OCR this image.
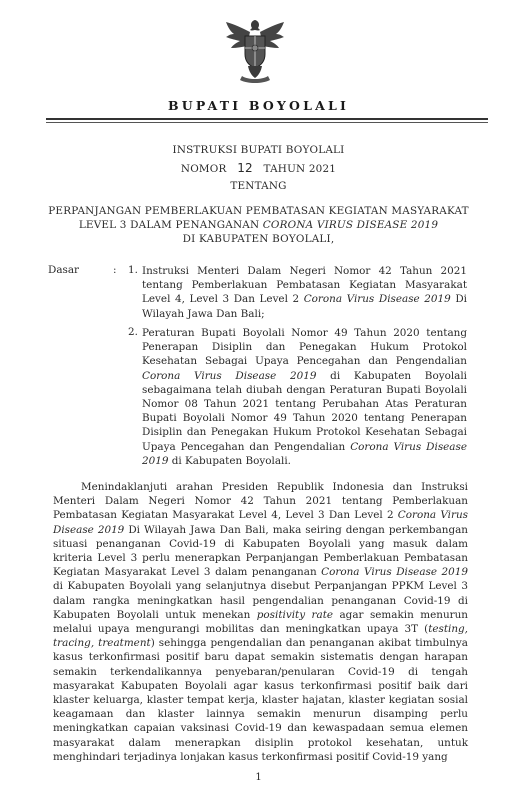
BUPATI BOYOLALI
INSTRUKSI BUPATI BOYOLALI
NOMOR 12 TAHUN 2021
TENTANG
PERPANJANGAN PEMBERLAKUAN PEMBATASAN KEGIATAN MASYARAKAT
LEVEL 3 DALAM PENANGANAN CORONA VIRUS DISEASE 2019
DI KABUPATEN BOYOLALI,
Dasar	: 1. Instruksi Menteri Dalam Negeri Nomor 42 Tahun 2021 tentang Pemberlakuan Pembatasan Kegiatan Masyarakat Level 4, Level 3 Dan Level 2 Corona Virus Disease 2019 Di Wilayah Jawa Dan Bali;
2. Peraturan Bupati Boyolali Nomor 49 Tahun 2020 tentang Penerapan Disiplin dan Penegakan Hukum Protokol Kesehatan Sebagai Upaya Pencegahan dan Pengendalian Corona Virus Disease 2019 di Kabupaten Boyolali sebagaimana telah diubah dengan Peraturan Bupati Boyolali Nomor 08 Tahun 2021 tentang Perubahan Atas Peraturan Bupati Boyolali Nomor 49 Tahun 2020 tentang Penerapan Disiplin dan Penegakan Hukum Protokol Kesehatan Sebagai Upaya Pencegahan dan Pengendalian Corona Virus Disease 2019 di Kabupaten Boyolali.
Menindaklanjuti arahan Presiden Republik Indonesia dan Instruksi Menteri Dalam Negeri Nomor 42 Tahun 2021 tentang Pemberlakuan Pembatasan Kegiatan Masyarakat Level 4, Level 3 Dan Level 2 Corona Virus Disease 2019 Di Wilayah Jawa Dan Bali, maka seiring dengan perkembangan situasi penanganan Covid-19 di Kabupaten Boyolali yang masuk dalam kriteria Level 3 perlu menerapkan Perpanjangan Pemberlakuan Pembatasan Kegiatan Masyarakat Level 3 dalam penanganan Corona Virus Disease 2019 di Kabupaten Boyolali yang selanjutnya disebut Perpanjangan PPKM Level 3 dalam rangka meningkatkan hasil pengendalian penanganan Covid-19 di Kabupaten Boyolali untuk menekan positivity rate agar semakin menurun melalui upaya mengurangi mobilitas dan meningkatkan upaya 3T (testing, tracing, treatment) sehingga pengendalian dan penanganan akibat timbulnya kasus terkonfirmasi positif baru dapat semakin sistematis dengan harapan semakin terkendalikannya penyebaran/penularan Covid-19 di tengah masyarakat Kabupaten Boyolali agar kasus terkonfirmasi positif baik dari klaster keluarga, klaster tempat kerja, klaster hajatan, klaster kegiatan sosial keagamaan dan klaster lainnya semakin menurun disamping perlu meningkatkan capaian vaksinasi Covid-19 dan kewaspadaan semua elemen masyarakat dalam menerapkan disiplin protokol kesehatan, untuk menghindari terjadinya lonjakan kasus terkonfirmasi positif Covid-19 yang
1
